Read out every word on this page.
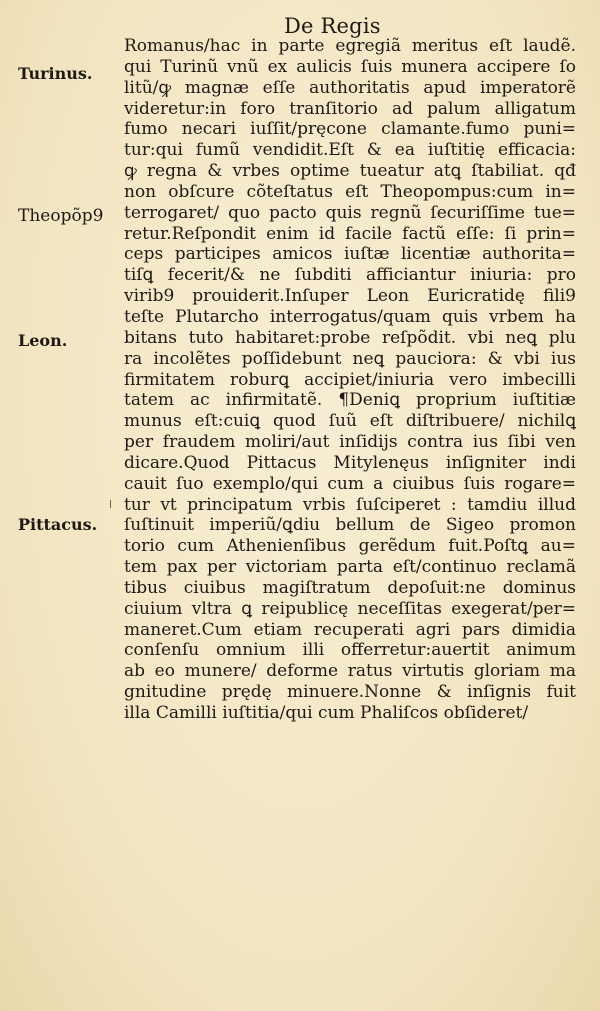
De Regis
Turinus.
Theopõp9
Leon.
Pittacus.
Romanus/hac in parte egregiã meritus eſt laudẽ.
qui Turinũ vnũ ex aulicis ſuis munera accipere ſo
litũ/ꝙ magnæ eſſe authoritatis apud imperatorẽ
videretur:in foro tranſitorio ad palum alligatum
fumo necari iuſſit/pręcone clamante.fumo puni=
tur:qui fumũ vendidit.Eſt & ea iuſtitię efficacia:
ꝙ regna & vrbes optime tueatur atꝗ ſtabiliat. qđ
non obſcure cõteſtatus eſt Theopompus:cum in=
terrogaret/ quo pacto quis regnũ ſecuriſſime tue=
retur.Reſpondit enim id facile factũ eſſe: ſi prin=
ceps participes amicos iuſtæ licentiæ authorita=
tiſꝗ fecerit/& ne ſubditi afficiantur iniuria: pro
virib9 prouiderit.Inſuper Leon Euricratidę fili9
teſte Plutarcho interrogatus/quam quis vrbem ha
bitans tuto habitaret:probe reſpõdit. vbi neꝗ plu
ra incolẽtes poſſidebunt neꝗ pauciora: & vbi ius
firmitatem roburꝗ accipiet/iniuria vero imbecilli
tatem ac infirmitatẽ. ¶Deniꝗ proprium iuſtitiæ
munus eſt:cuiꝗ quod ſuũ eſt diſtribuere/ nichilꝗ
per fraudem moliri/aut inſidijs contra ius ſibi ven
dicare.Quod Pittacus Mitylenęus inſigniter indi
cauit ſuo exemplo/qui cum a ciuibus ſuis rogare=
tur vt principatum vrbis ſuſciperet : tamdiu illud
ſuſtinuit imperiũ/ꝗdiu bellum de Sigeo promon
torio cum Athenienſibus gerẽdum fuit.Poſtꝗ au=
tem pax per victoriam parta eſt/continuo reclamã
tibus ciuibus magiſtratum depoſuit:ne dominus
ciuium vltra ꝗ reipublicę neceſſitas exegerat/per=
maneret.Cum etiam recuperati agri pars dimidia
conſenſu omnium illi offerretur:auertit animum
ab eo munere/ deforme ratus virtutis gloriam ma
gnitudine prędę minuere.Nonne & inſignis fuit
illa Camilli iuſtitia/qui cum Phaliſcos obſideret/
